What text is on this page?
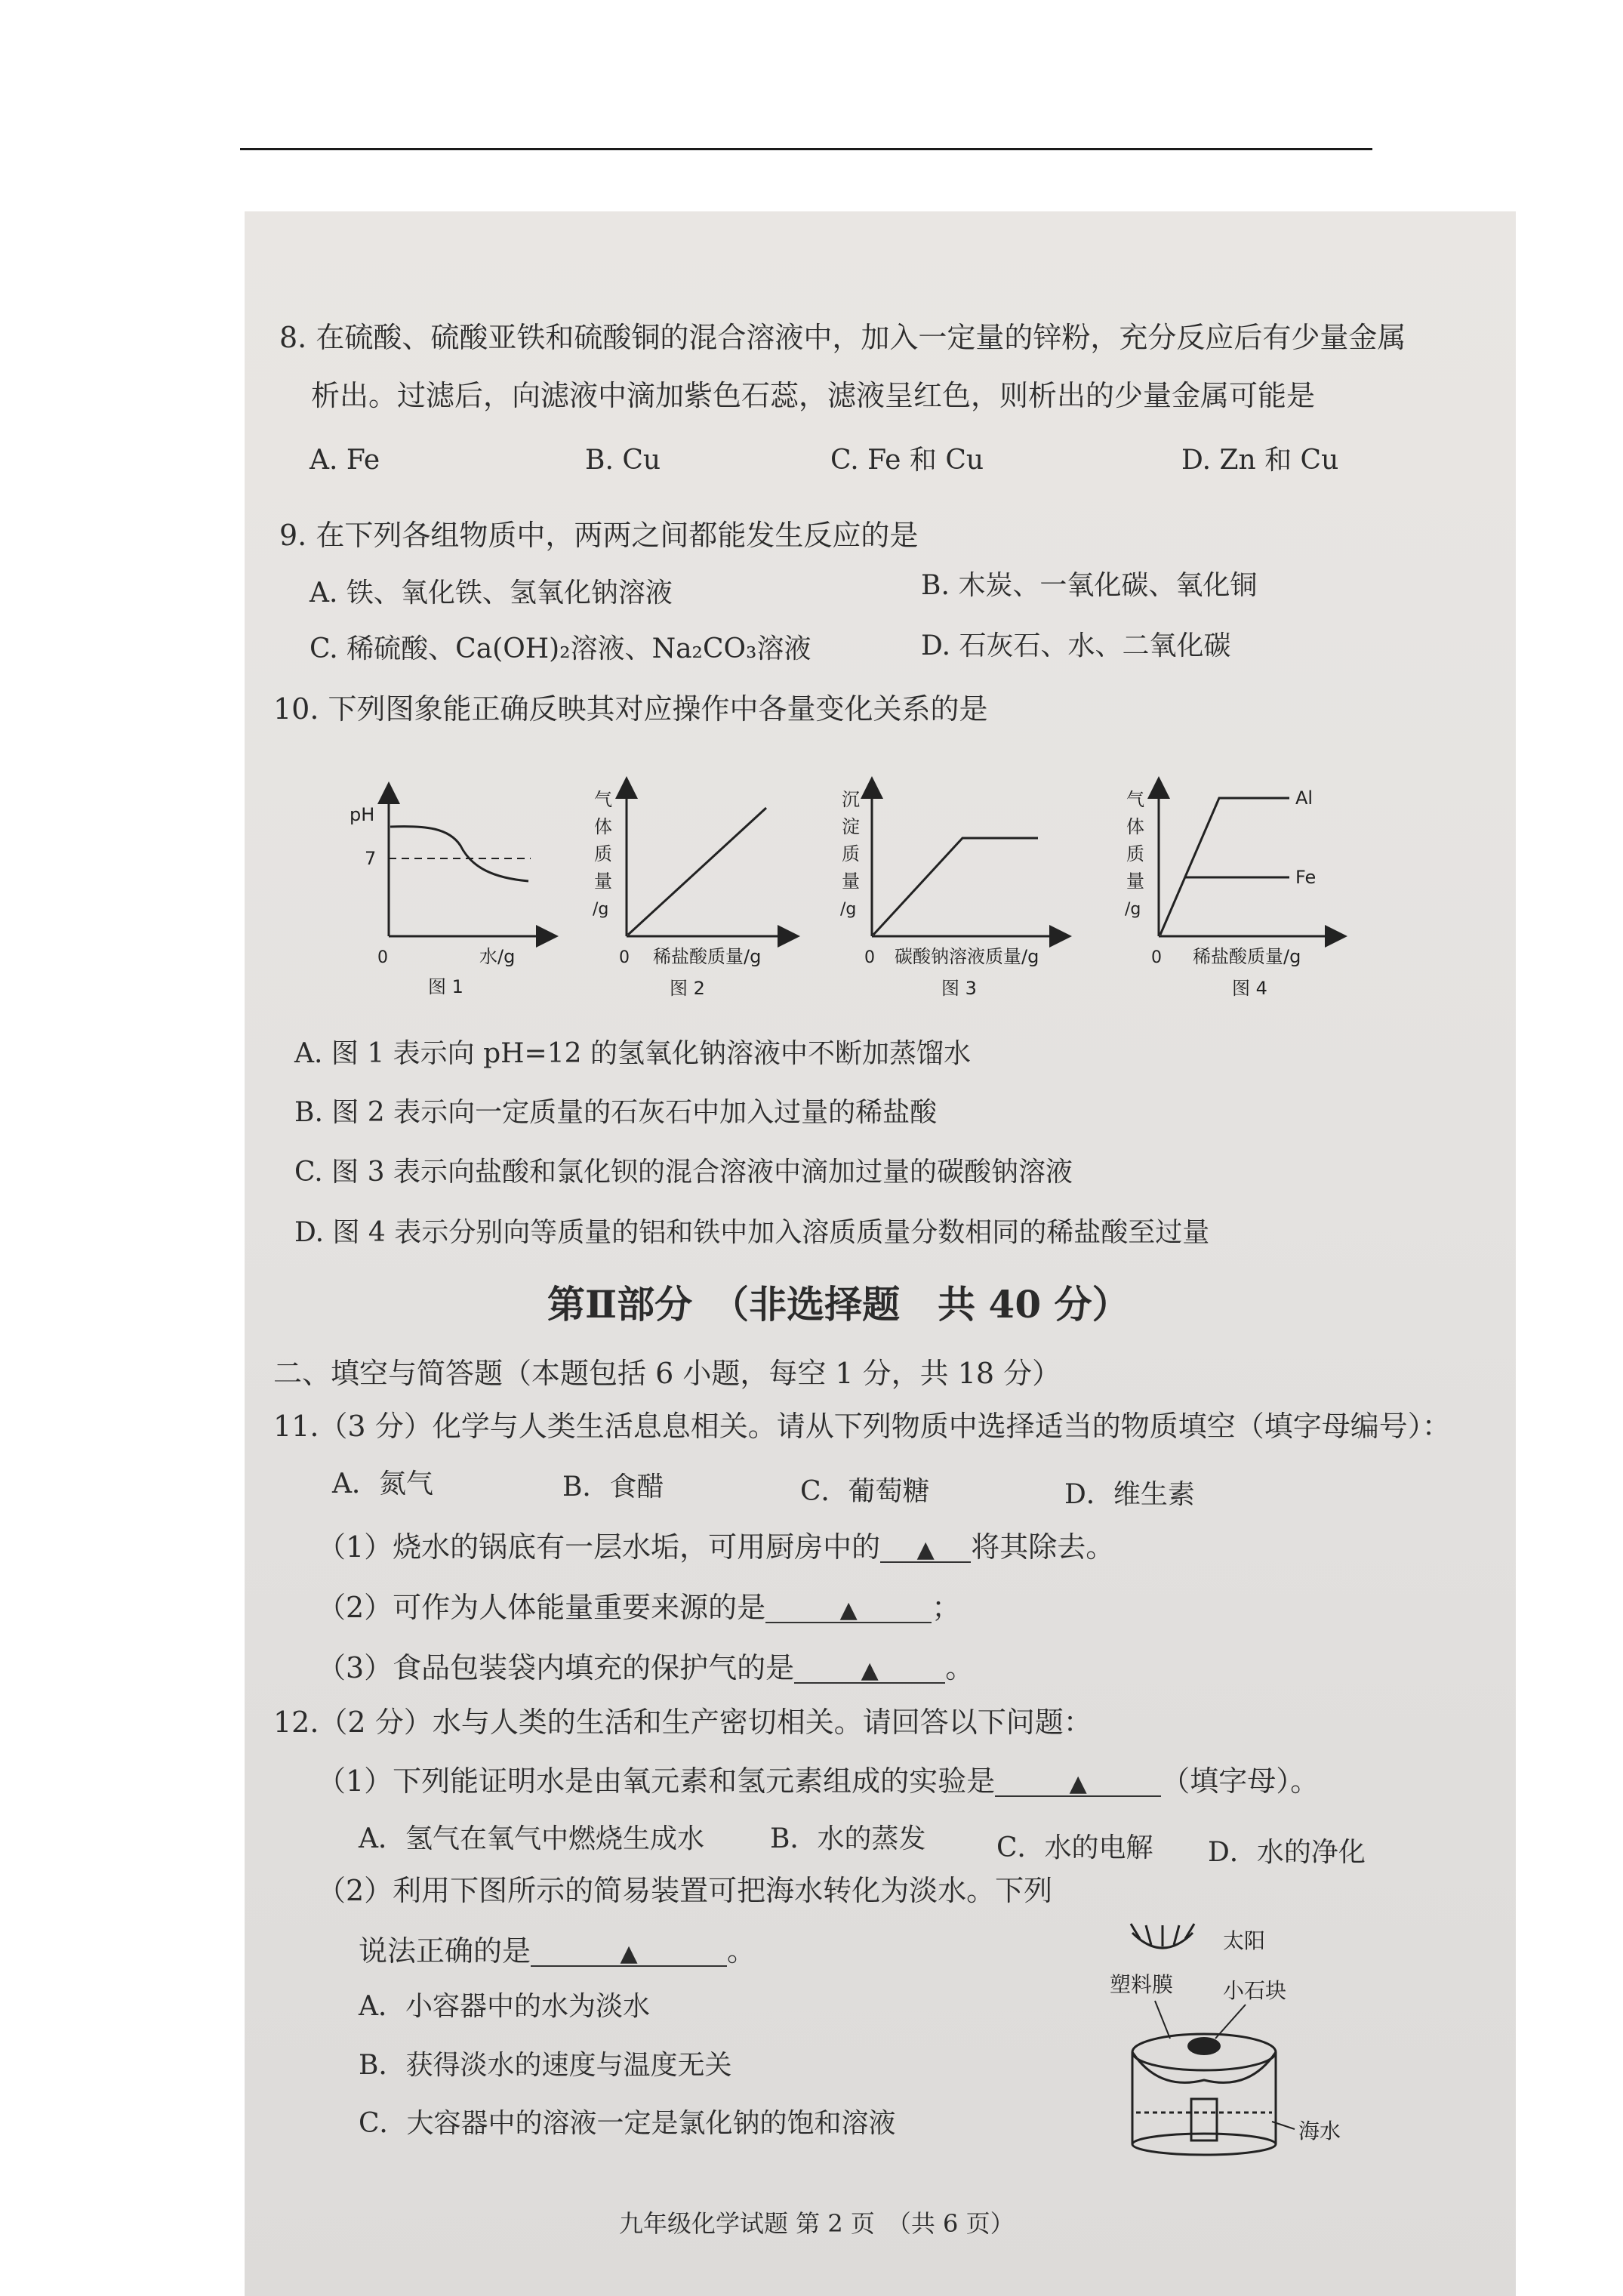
8. 在硫酸、硫酸亚铁和硫酸铜的混合溶液中，加入一定量的锌粉，充分反应后有少量金属
析出。过滤后，向滤液中滴加紫色石蕊，滤液呈红色，则析出的少量金属可能是
A. Fe	B. Cu	C. Fe 和 Cu	D. Zn 和 Cu
9. 在下列各组物质中，两两之间都能发生反应的是
A. 铁、氧化铁、氢氧化钠溶液	B. 木炭、一氧化碳、氧化铜
C. 稀硫酸、Ca(OH)₂溶液、Na₂CO₃溶液	D. 石灰石、水、二氧化碳
10. 下列图象能正确反映其对应操作中各量变化关系的是
pH
7
0	水/g
图 1
气
体
质
量
/g
0 稀盐酸质量/g
图 2
沉
淀
质
量
/g
0 碳酸钠溶液质量/g
图 3
Al
Fe
气
体
质
量
/g
0 稀盐酸质量/g
图 4
A. 图 1 表示向 pH=12 的氢氧化钠溶液中不断加蒸馏水
B. 图 2 表示向一定质量的石灰石中加入过量的稀盐酸
C. 图 3 表示向盐酸和氯化钡的混合溶液中滴加过量的碳酸钠溶液
D. 图 4 表示分别向等质量的铝和铁中加入溶质质量分数相同的稀盐酸至过量
第Ⅱ部分　（非选择题　共 40 分）
二、填空与简答题（本题包括 6 小题，每空 1 分，共 18 分）
11.（3 分）化学与人类生活息息相关。请从下列物质中选择适当的物质填空（填字母编号）：
A．氮气	B．食醋	C．葡萄糖	D．维生素
（1）烧水的锅底有一层水垢，可用厨房中的 ▲ 将其除去。
（2）可作为人体能量重要来源的是	▲	；
（3）食品包装袋内填充的保护气的是	▲ 。
12.（2 分）水与人类的生活和生产密切相关。请回答以下问题：
（1）下列能证明水是由氧元素和氢元素组成的实验是	▲	（填字母）。
A．氢气在氧气中燃烧生成水 B．水的蒸发	C．水的电解 D．水的净化
（2）利用下图所示的简易装置可把海水转化为淡水。下列
说法正确的是	▲	。
A．小容器中的水为淡水
B．获得淡水的速度与温度无关
C．大容器中的溶液一定是氯化钠的饱和溶液
太阳
塑料膜 小石块
海水
九年级化学试题 第 2 页　（共 6 页）
